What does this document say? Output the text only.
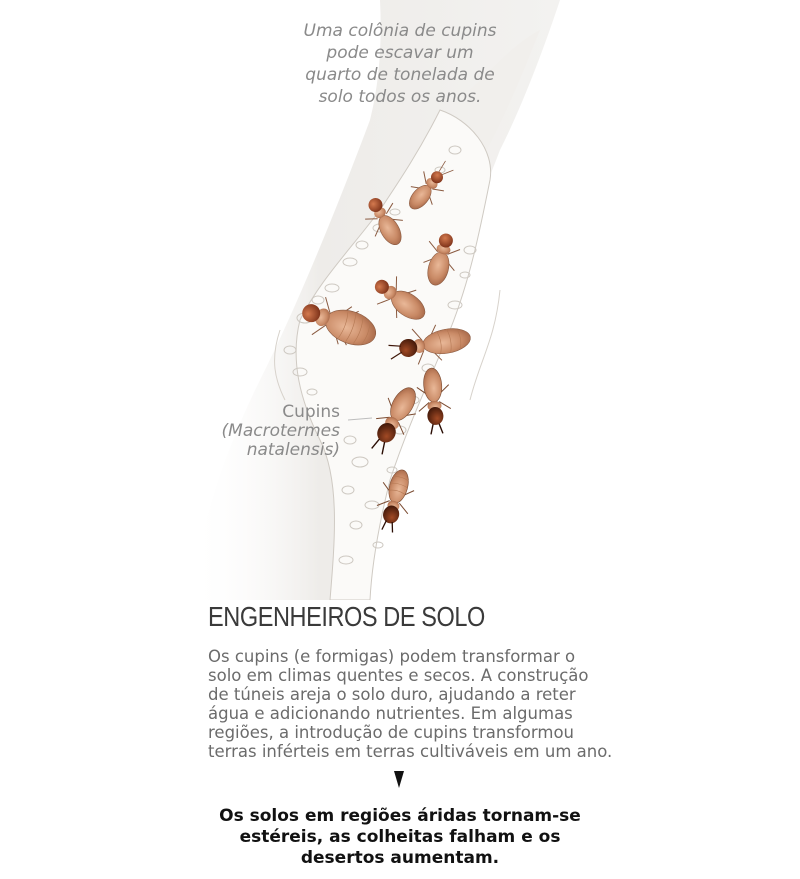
Uma colônia de cupins
pode escavar um
quarto de tonelada de
solo todos os anos.
Cupins
(Macrotermes
natalensis)
ENGENHEIROS DE SOLO
Os cupins (e formigas) podem transformar o
solo em climas quentes e secos. A construção
de túneis areja o solo duro, ajudando a reter
água e adicionando nutrientes. Em algumas
regiões, a introdução de cupins transformou
terras inférteis em terras cultiváveis em um ano.
Os solos em regiões áridas tornam-se
estéreis, as colheitas falham e os
desertos aumentam.
